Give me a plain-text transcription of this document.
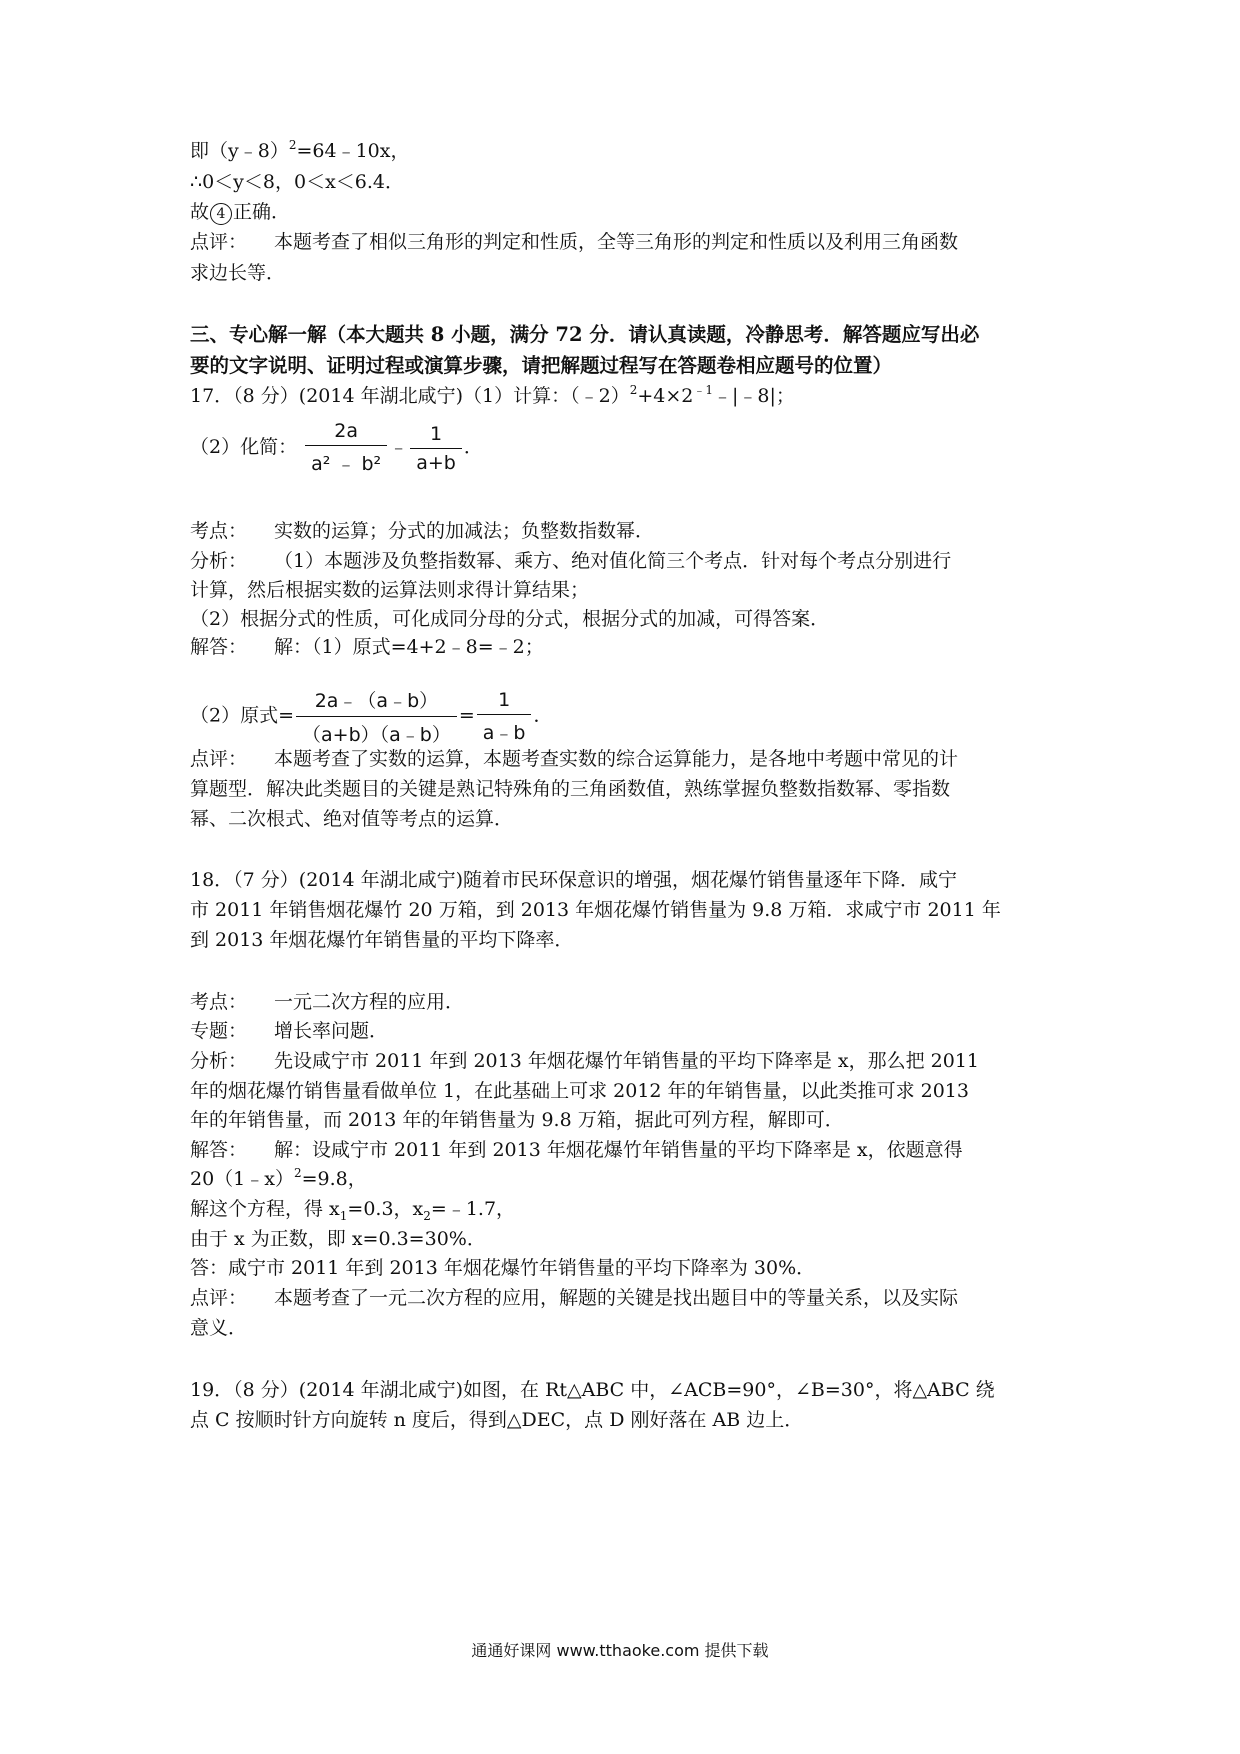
即（y﹣8）$^2$=64﹣10x，
∴0＜y＜8，0＜x＜6.4．
故 4 正确．
点评： 本题考查了相似三角形的判定和性质，全等三角形的判定和性质以及利用三角函数
求边长等．
三、专心解一解（本大题共 8 小题，满分 72 分．请认真读题，冷静思考．解答题应写出必
要的文字说明、证明过程或演算步骤，请把解题过程写在答题卷相应题号的位置）
17．（8 分）(2014 年湖北咸宁)（1）计算：$(﹣2)^2+4\times 2^{﹣1}﹣|﹣8|$；
（2）化简： $\frac{2a}{\text{a² ﹣ b²}}$ ﹣ $\frac{1}{a+b}$ ．
考点： 实数的运算；分式的加减法；负整数指数幂．
分析： （1）本题涉及负整指数幂、乘方、绝对值化简三个考点．针对每个考点分别进行
计算，然后根据实数的运算法则求得计算结果；
（2）根据分式的性质，可化成同分母的分式，根据分式的加减，可得答案．
解答： 解：（1）原式=4+2﹣8=﹣2；
（2）原式= $\frac{2a﹣(a﹣b)}{(a+b)(a﹣b)} = \frac{1}{a﹣b}$ ．
点评： 本题考查了实数的运算，本题考查实数的综合运算能力，是各地中考题中常见的计
算题型．解决此类题目的关键是熟记特殊角的三角函数值，熟练掌握负整数指数幂、零指数
幂、二次根式、绝对值等考点的运算．
18．（7 分）(2014 年湖北咸宁)随着市民环保意识的增强，烟花爆竹销售量逐年下降．咸宁
市 2011 年销售烟花爆竹 20 万箱，到 2013 年烟花爆竹销售量为 9.8 万箱．求咸宁市 2011 年
到 2013 年烟花爆竹年销售量的平均下降率．
考点： 一元二次方程的应用．
专题： 增长率问题．
分析： 先设咸宁市 2011 年到 2013 年烟花爆竹年销售量的平均下降率是 x，那么把 2011
年的烟花爆竹销售量看做单位 1，在此基础上可求 2012 年的年销售量，以此类推可求 2013
年的年销售量，而 2013 年的年销售量为 9.8 万箱，据此可列方程，解即可．
解答： 解：设咸宁市 2011 年到 2013 年烟花爆竹年销售量的平均下降率是 x，依题意得
20（1﹣x）$^2$=9.8，
解这个方程，得 $x_1=0.3$，$x_2=﹣1.7$，
由于 x 为正数，即 x=0.3=30%．
答：咸宁市 2011 年到 2013 年烟花爆竹年销售量的平均下降率为 30%．
点评： 本题考查了一元二次方程的应用，解题的关键是找出题目中的等量关系，以及实际
意义．
19．（8 分）(2014 年湖北咸宁)如图，在 Rt△ABC 中，∠ACB=90°，∠B=30°，将△ABC 绕
点 C 按顺时针方向旋转 n 度后，得到△DEC，点 D 刚好落在 AB 边上．
通通好课网 www.tthaoke.com 提供下载
